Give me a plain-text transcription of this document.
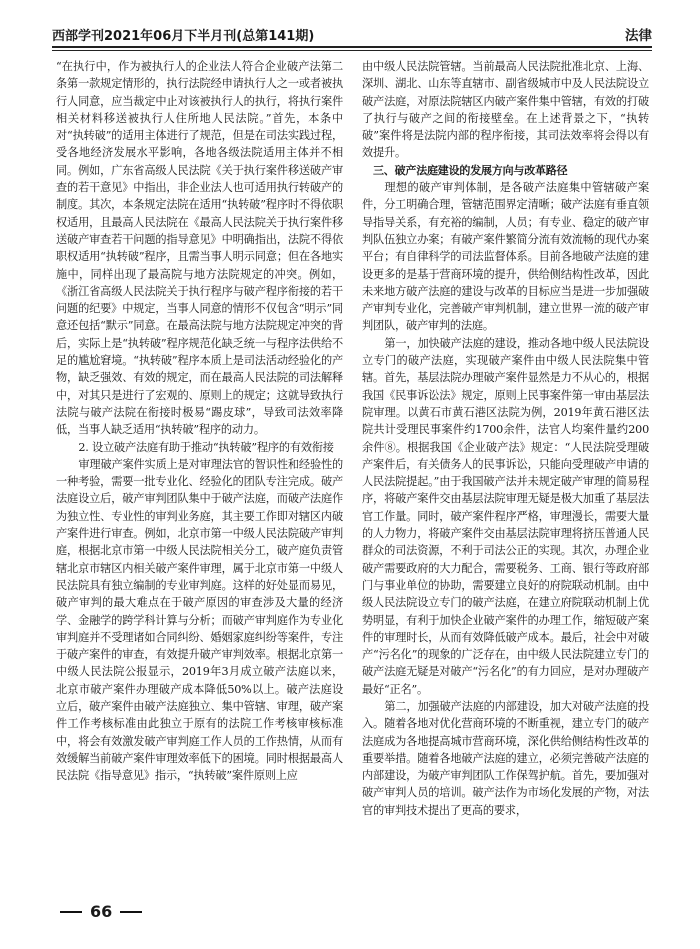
西部学刊2021年06月下半月刊(总第141期)	法律

“在执行中，作为被执行人的企业法人符合企业破产法第二条第一款规定情形的，执行法院经申请执行人之一或者被执行人同意，应当裁定中止对该被执行人的执行，将执行案件相关材料移送被执行人住所地人民法院。”首先，本条中对“执转破”的适用主体进行了规范，但是在司法实践过程，受各地经济发展水平影响，各地各级法院适用主体并不相同。例如，广东省高级人民法院《关于执行案件移送破产审查的若干意见》中指出，非企业法人也可适用执行转破产的制度。其次，本条规定法院在适用“执转破”程序时不得依职权适用，且最高人民法院在《最高人民法院关于执行案件移送破产审查若干问题的指导意见》中明确指出，法院不得依职权适用“执转破”程序，且需当事人明示同意；但在各地实施中，同样出现了最高院与地方法院规定的冲突。例如，《浙江省高级人民法院关于执行程序与破产程序衔接的若干问题的纪要》中规定，当事人同意的情形不仅包含“明示”同意还包括“默示”同意。在最高法院与地方法院规定冲突的背后，实际上是“执转破”程序规范化缺乏统一与程序法供给不足的尴尬窘境。“执转破”程序本质上是司法活动经验化的产物，缺乏强效、有效的规定，而在最高人民法院的司法解释中，对其只是进行了宏观的、原则上的规定；这就导致执行法院与破产法院在衔接时极易“踢皮球”，导致司法效率降低，当事人缺乏适用“执转破”程序的动力。

2. 设立破产法庭有助于推动“执转破”程序的有效衔接

审理破产案件实质上是对审理法官的智识性和经验性的一种考验，需要一批专业化、经验化的团队专注完成。破产法庭设立后，破产审判团队集中于破产法庭，而破产法庭作为独立性、专业性的审判业务庭，其主要工作即对辖区内破产案件进行审查。例如，北京市第一中级人民法院破产审判庭，根据北京市第一中级人民法院相关分工，破产庭负责管辖北京市辖区内相关破产案件审理，属于北京市第一中级人民法院具有独立编制的专业审判庭。这样的好处显而易见，破产审判的最大难点在于破产原因的审查涉及大量的经济学、金融学的跨学科计算与分析；而破产审判庭作为专业化审判庭并不受理诸如合同纠纷、婚姻家庭纠纷等案件，专注于破产案件的审查，有效提升破产审判效率。根据北京第一中级人民法院公报显示，2019年3月成立破产法庭以来，北京市破产案件办理破产成本降低50%以上。破产法庭设立后，破产案件由破产法庭独立、集中管辖、审理，破产案件工作考核标准由此独立于原有的法院工作考核审核标准中，将会有效激发破产审判庭工作人员的工作热情，从而有效缓解当前破产案件审理效率低下的困境。同时根据最高人民法院《指导意见》指示，“执转破”案件原则上应

由中级人民法院管辖。当前最高人民法院批准北京、上海、深圳、湖北、山东等直辖市、副省级城市中及人民法院设立破产法庭，对原法院辖区内破产案件集中管辖，有效的打破了执行与破产之间的衔接壁垒。在上述背景之下，“执转破”案件将是法院内部的程序衔接，其司法效率将会得以有效提升。

三、破产法庭建设的发展方向与改革路径

理想的破产审判体制，是各破产法庭集中管辖破产案件，分工明确合理，管辖范围界定清晰；破产法庭有垂直领导指导关系，有充裕的编制，人员；有专业、稳定的破产审判队伍独立办案；有破产案件繁简分流有效流畅的现代办案平台；有自律科学的司法监督体系。目前各地破产法庭的建设更多的是基于营商环境的提升，供给侧结构性改革，因此未来地方破产法庭的建设与改革的目标应当是进一步加强破产审判专业化，完善破产审判机制，建立世界一流的破产审判团队，破产审判的法庭。

第一，加快破产法庭的建设，推动各地中级人民法院设立专门的破产法庭，实现破产案件由中级人民法院集中管辖。首先，基层法院办理破产案件显然是力不从心的，根据我国《民事诉讼法》规定，原则上民事案件第一审由基层法院审理。以黄石市黄石港区法院为例，2019年黄石港区法院共计受理民事案件约1700余件，法官人均案件量约200余件⑧。根据我国《企业破产法》规定：“人民法院受理破产案件后，有关债务人的民事诉讼，只能向受理破产申请的人民法院提起。”由于我国破产法并未规定破产审理的简易程序，将破产案件交由基层法院审理无疑是极大加重了基层法官工作量。同时，破产案件程序严格，审理漫长，需要大量的人力物力，将破产案件交由基层法院审理将挤压普通人民群众的司法资源，不利于司法公正的实现。其次，办理企业破产需要政府的大力配合，需要税务、工商、银行等政府部门与事业单位的协助，需要建立良好的府院联动机制。由中级人民法院设立专门的破产法庭，在建立府院联动机制上优势明显，有利于加快企业破产案件的办理工作，缩短破产案件的审理时长，从而有效降低破产成本。最后，社会中对破产“污名化”的现象的广泛存在，由中级人民法院建立专门的破产法庭无疑是对破产“污名化”的有力回应，是对办理破产最好“正名”。

第二，加强破产法庭的内部建设，加大对破产法庭的投入。随着各地对优化营商环境的不断重视，建立专门的破产法庭成为各地提高城市营商环境，深化供给侧结构性改革的重要举措。随着各地破产法庭的建立，必须完善破产法庭的内部建设，为破产审判团队工作保驾护航。首先，要加强对破产审判人员的培训。破产法作为市场化发展的产物，对法官的审判技术提出了更高的要求，

66
